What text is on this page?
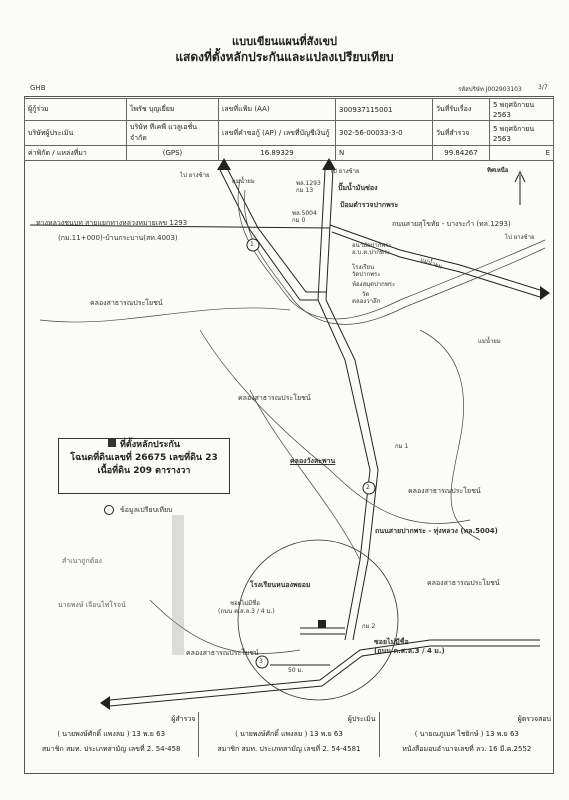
GHB	รหัสบริษัท J002903103	3/7
แบบเขียนแผนที่สังเขป
แสดงที่ตั้งหลักประกันและแปลงเปรียบเทียบ
ผู้กู้ร่วม	ไพรัช บุญเยี่ยม	เลขที่แฟ้ม (AA)	300937115001	วันที่รับเรื่อง	5 พฤศจิกายน 2563
บริษัทผู้ประเมิน	บริษัท ทีเคพี แวลูเอชั่น จำกัด	เลขที่คำขอกู้ (AP) / เลขที่บัญชีเงินกู้	302-56-00033-3-0	วันที่สำรวจ	5 พฤศจิกายน 2563
ค่าพิกัด / แหล่งที่มา	(GPS)	16.89329	N	99.84267	E
ทิศเหนือ
ไป ยางซ้าย
แม่น้ำยม
ไป ยางซ้าย
พล.1293
กม 13	ปั๊มน้ำมันซ่อง
ป้อมตำรวจปากพระ
พล.5004
กม 0	ถนนสายสุโขทัย - บางระกำ (ทล.1293)
ไป ยางซ้าย
ทางหลวงชนบท สายแยกทางหลวงหมายเลข 1293
(กม.11+000)-บ้านกระบาน(สท.4003)
อนามัยปากพระ
อ.บ.ต.ปากพระ
โรงเรียน
วัดปากพระ
ห้องสมุดปากพระ
วัด
คลองวาลึก
แม่น้ำยม
แม่น้ำยม
คลองสาธารณประโยชน์
คลองสาธารณประโยชน์
กม 1
คลองวังสะพาน
คลองสาธารณประโยชน์
ถนนสายปากพระ - ทุ่งหลวง (ทล.5004)
คลองสาธารณประโยชน์
โรงเรียนหนองพยอม
ซอยไม่มีชื่อ
(ถนน ค.ส.ล.3 / 4 ม.)
กม 2
ซอยไม่มีชื่อ
(ถนน ค.ส.ล.3 / 4 ม.)
คลองสาธารณประโยชน์
50 ม.
1
2
3
สำเนาถูกต้อง
นายพงษ์ เจือนไพโรจน์
ที่ตั้งหลักประกัน
โฉนดที่ดินเลขที่ 26675 เลขที่ดิน 23
เนื้อที่ดิน 209 ตารางวา
ข้อมูลเปรียบเทียบ
ผู้สำรวจ	ผู้ประเมิน	ผู้ตรวจสอบ
( นายพงษ์ศักดิ์ แพงลม ) 13 พ.ย 63	( นายพงษ์ศักดิ์ แพงลม ) 13 พ.ย 63	( นายณภูเมศ ไชยิกษ์ ) 13 พ.ย 63
สมาชิก สมท. ประเภทสามัญ เลขที่ 2. 54-458	สมาชิก สมท. ประเภทสามัญ เลขที่ 2. 54-4581	หนังสือมอบอำนาจเลขที่ ลว. 16 มี.ค.2552
